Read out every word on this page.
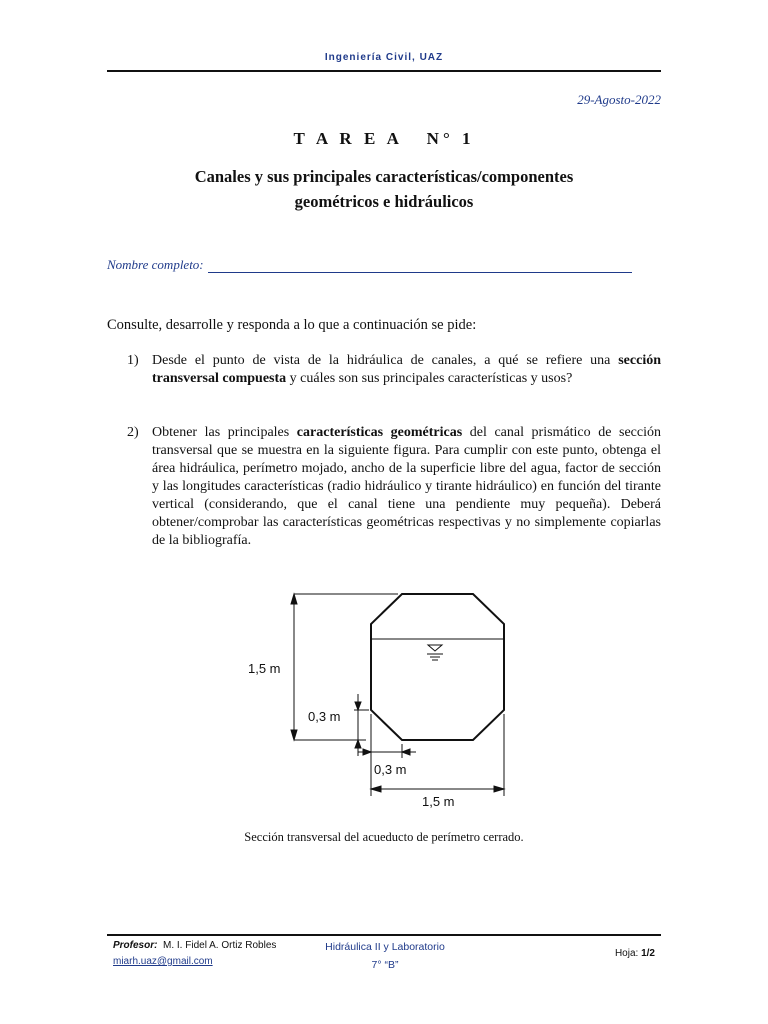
Ingeniería Civil, UAZ
29-Agosto-2022
T A R E A   N° 1
Canales y sus principales características/componentes
geométricos e hidráulicos
Nombre completo:
Consulte, desarrolle y responda a lo que a continuación se pide:
1) Desde el punto de vista de la hidráulica de canales, a qué se refiere una sección transversal compuesta y cuáles son sus principales características y usos?
2) Obtener las principales características geométricas del canal prismático de sección transversal que se muestra en la siguiente figura. Para cumplir con este punto, obtenga el área hidráulica, perímetro mojado, ancho de la superficie libre del agua, factor de sección y las longitudes características (radio hidráulico y tirante hidráulico) en función del tirante vertical (considerando, que el canal tiene una pendiente muy pequeña). Deberá obtener/comprobar las características geométricas respectivas y no simplemente copiarlas de la bibliografía.
1,5 m
0,3 m
0,3 m
1,5 m
Sección transversal del acueducto de perímetro cerrado.
Profesor: M. I. Fidel A. Ortiz Robles
miarh.uaz@gmail.com
Hidráulica II y Laboratorio
7° “B”
Hoja: 1/2
